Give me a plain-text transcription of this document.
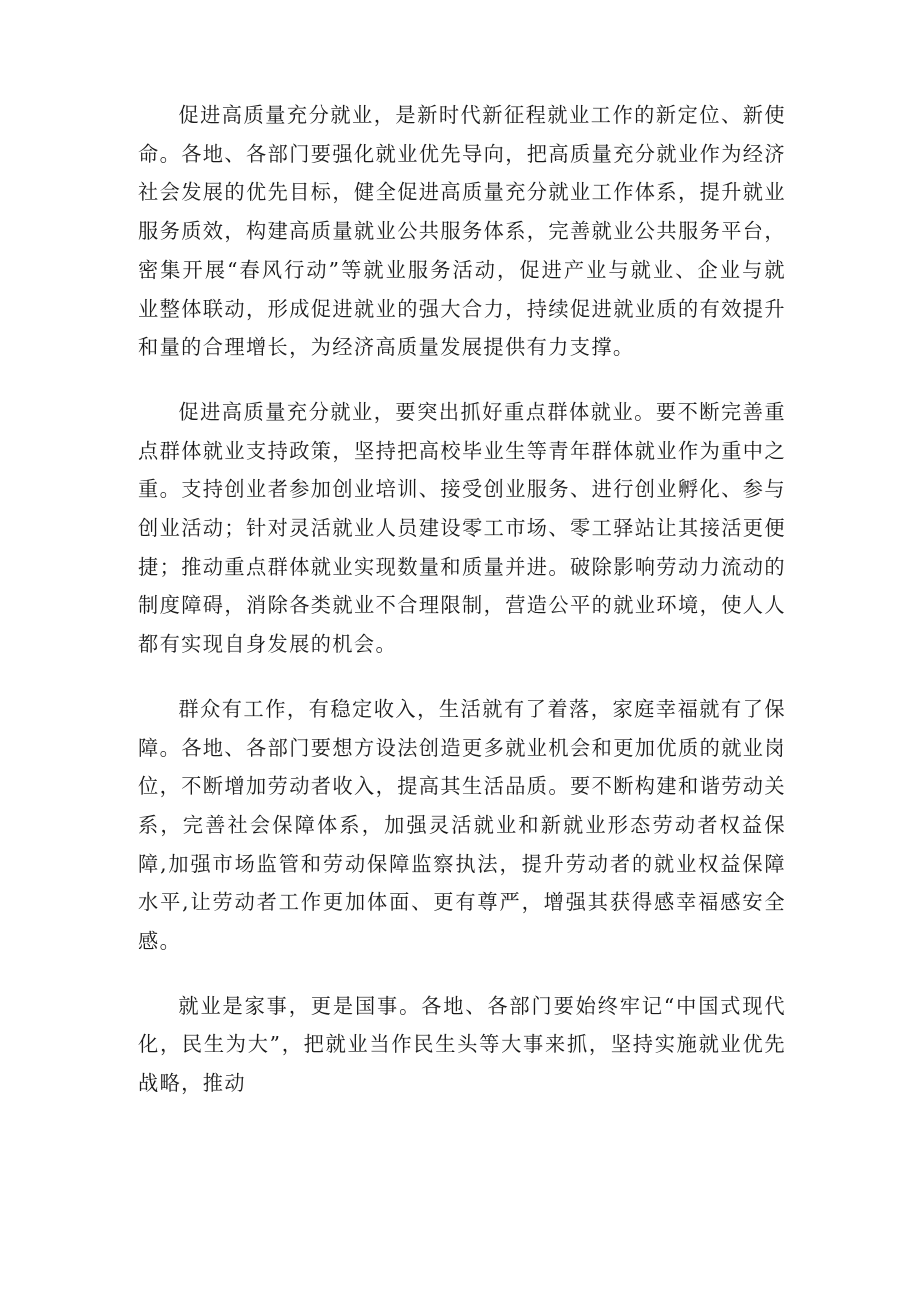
促进高质量充分就业，是新时代新征程就业工作的新定位、新使命。各地、各部门要强化就业优先导向，把高质量充分就业作为经济社会发展的优先目标，健全促进高质量充分就业工作体系，提升就业服务质效，构建高质量就业公共服务体系，完善就业公共服务平台，密集开展“春风行动”等就业服务活动，促进产业与就业、企业与就业整体联动，形成促进就业的强大合力，持续促进就业质的有效提升和量的合理增长，为经济高质量发展提供有力支撑。

促进高质量充分就业，要突出抓好重点群体就业。要不断完善重点群体就业支持政策，坚持把高校毕业生等青年群体就业作为重中之重。支持创业者参加创业培训、接受创业服务、进行创业孵化、参与创业活动；针对灵活就业人员建设零工市场、零工驿站让其接活更便捷；推动重点群体就业实现数量和质量并进。破除影响劳动力流动的制度障碍，消除各类就业不合理限制，营造公平的就业环境，使人人都有实现自身发展的机会。

群众有工作，有稳定收入，生活就有了着落，家庭幸福就有了保障。各地、各部门要想方设法创造更多就业机会和更加优质的就业岗位，不断增加劳动者收入，提高其生活品质。要不断构建和谐劳动关系，完善社会保障体系，加强灵活就业和新就业形态劳动者权益保障,加强市场监管和劳动保障监察执法，提升劳动者的就业权益保障水平,让劳动者工作更加体面、更有尊严，增强其获得感幸福感安全感。

就业是家事，更是国事。各地、各部门要始终牢记“中国式现代化，民生为大”，把就业当作民生头等大事来抓，坚持实施就业优先战略，推动
